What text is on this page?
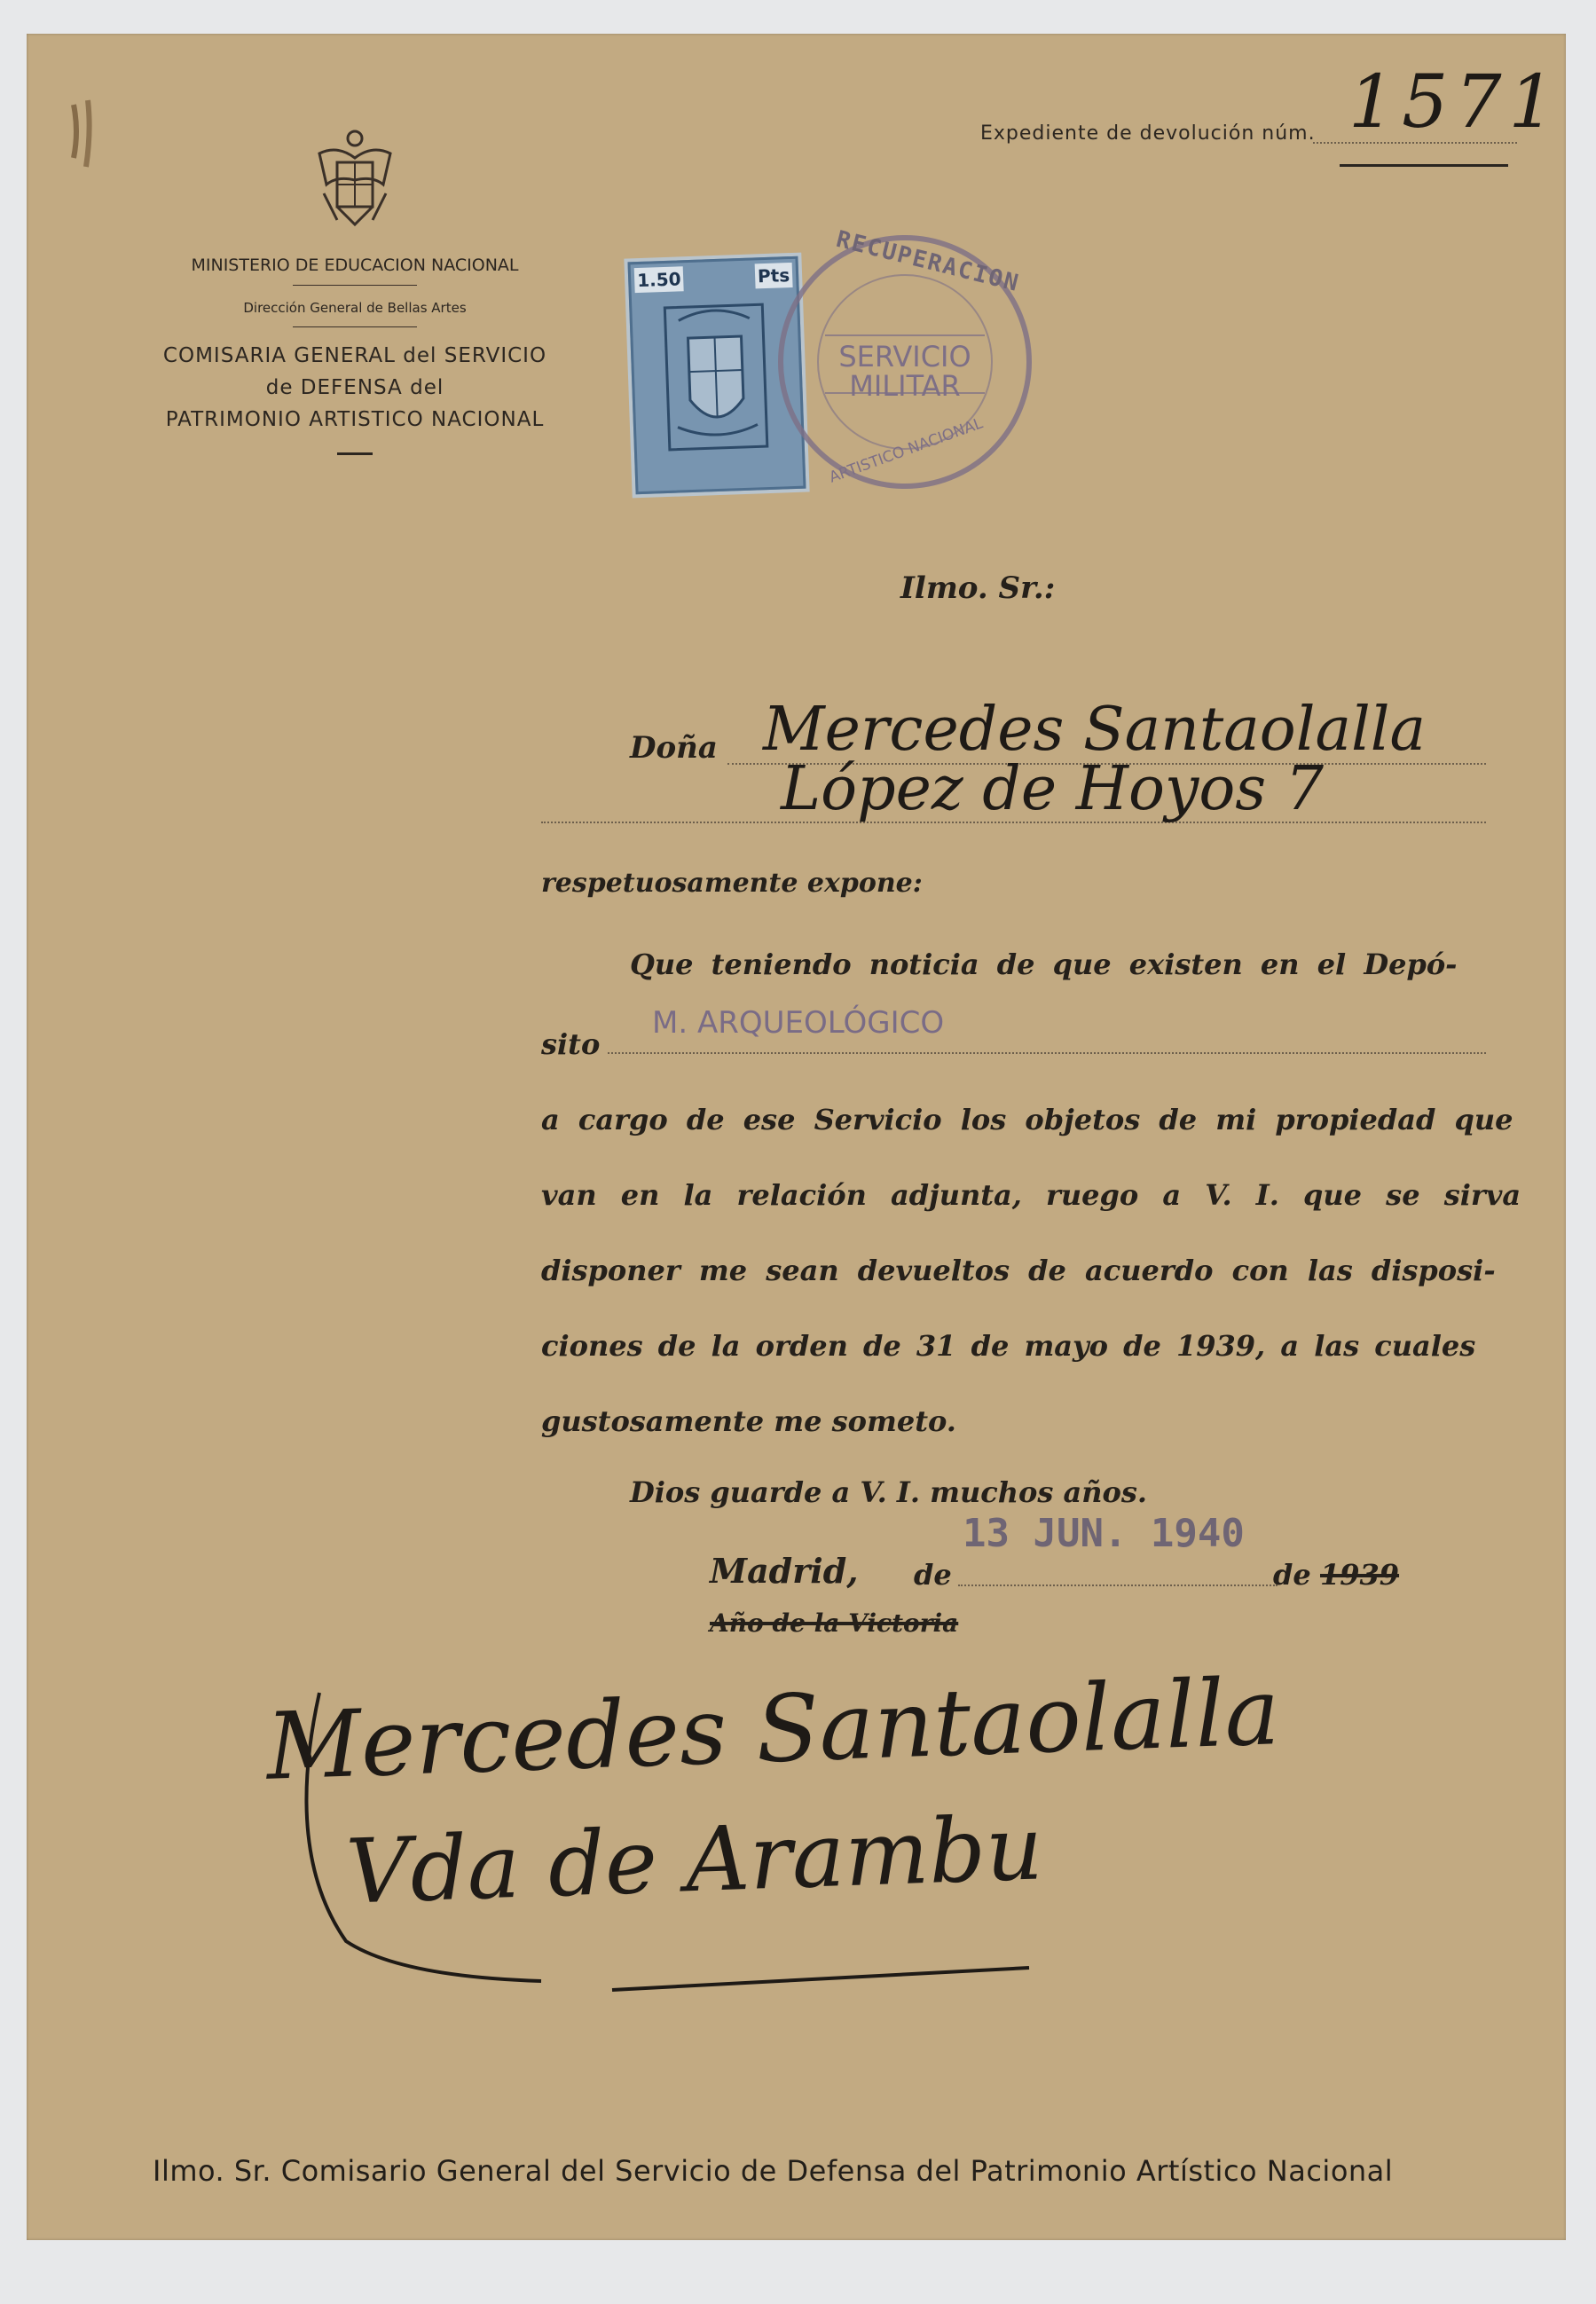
MINISTERIO DE EDUCACION NACIONAL
Dirección General de Bellas Artes
COMISARIA GENERAL del SERVICIO
de DEFENSA del
PATRIMONIO ARTISTICO NACIONAL
Expediente de devolución núm. 1571
1.50	Pts RECUPERACION
SERVICIO
MILITAR
ARTISTICO NACIONAL
Ilmo. Sr.:
Doña Mercedes Santaolalla
López de Hoyos 7
respetuosamente expone:
Que teniendo noticia de que existen en el Depó-
sito
M. ARQUEOLÓGICO
a cargo de ese Servicio los objetos de mi propiedad que
van en la relación adjunta, ruego a V. I. que se sirva
disponer me sean devueltos de acuerdo con las disposi-
ciones de la orden de 31 de mayo de 1939, a las cuales
gustosamente me someto.
Dios guarde a V. I. muchos años.
Madrid, de
13 JUN. 1940
de 1939
Año de la Victoria
Mercedes Santaolalla
Vda de Arambu
Ilmo. Sr. Comisario General del Servicio de Defensa del Patrimonio Artístico Nacional
